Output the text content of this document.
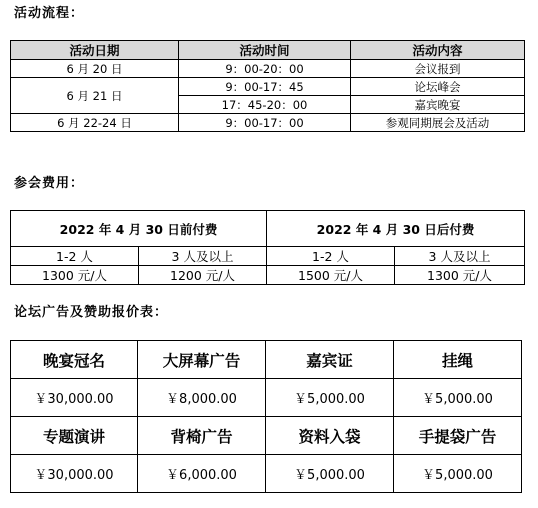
活动流程：
活动日期	活动时间	活动内容
6 月 20 日	9：00-20：00	会议报到
6 月 21 日	9：00-17：45	论坛峰会
	17：45-20：00	嘉宾晚宴
6 月 22-24 日	9：00-17：00	参观同期展会及活动
参会费用：
2022 年 4 月 30 日前付费		2022 年 4 月 30 日后付费	
1-2 人	3 人及以上	1-2 人	3 人及以上
1300 元/人	1200 元/人	1500 元/人	1300 元/人
论坛广告及赞助报价表：
晚宴冠名	大屏幕广告	嘉宾证	挂绳
￥30,000.00	￥8,000.00	￥5,000.00	￥5,000.00
专题演讲	背椅广告	资料入袋	手提袋广告
￥30,000.00	￥6,000.00	￥5,000.00	￥5,000.00
